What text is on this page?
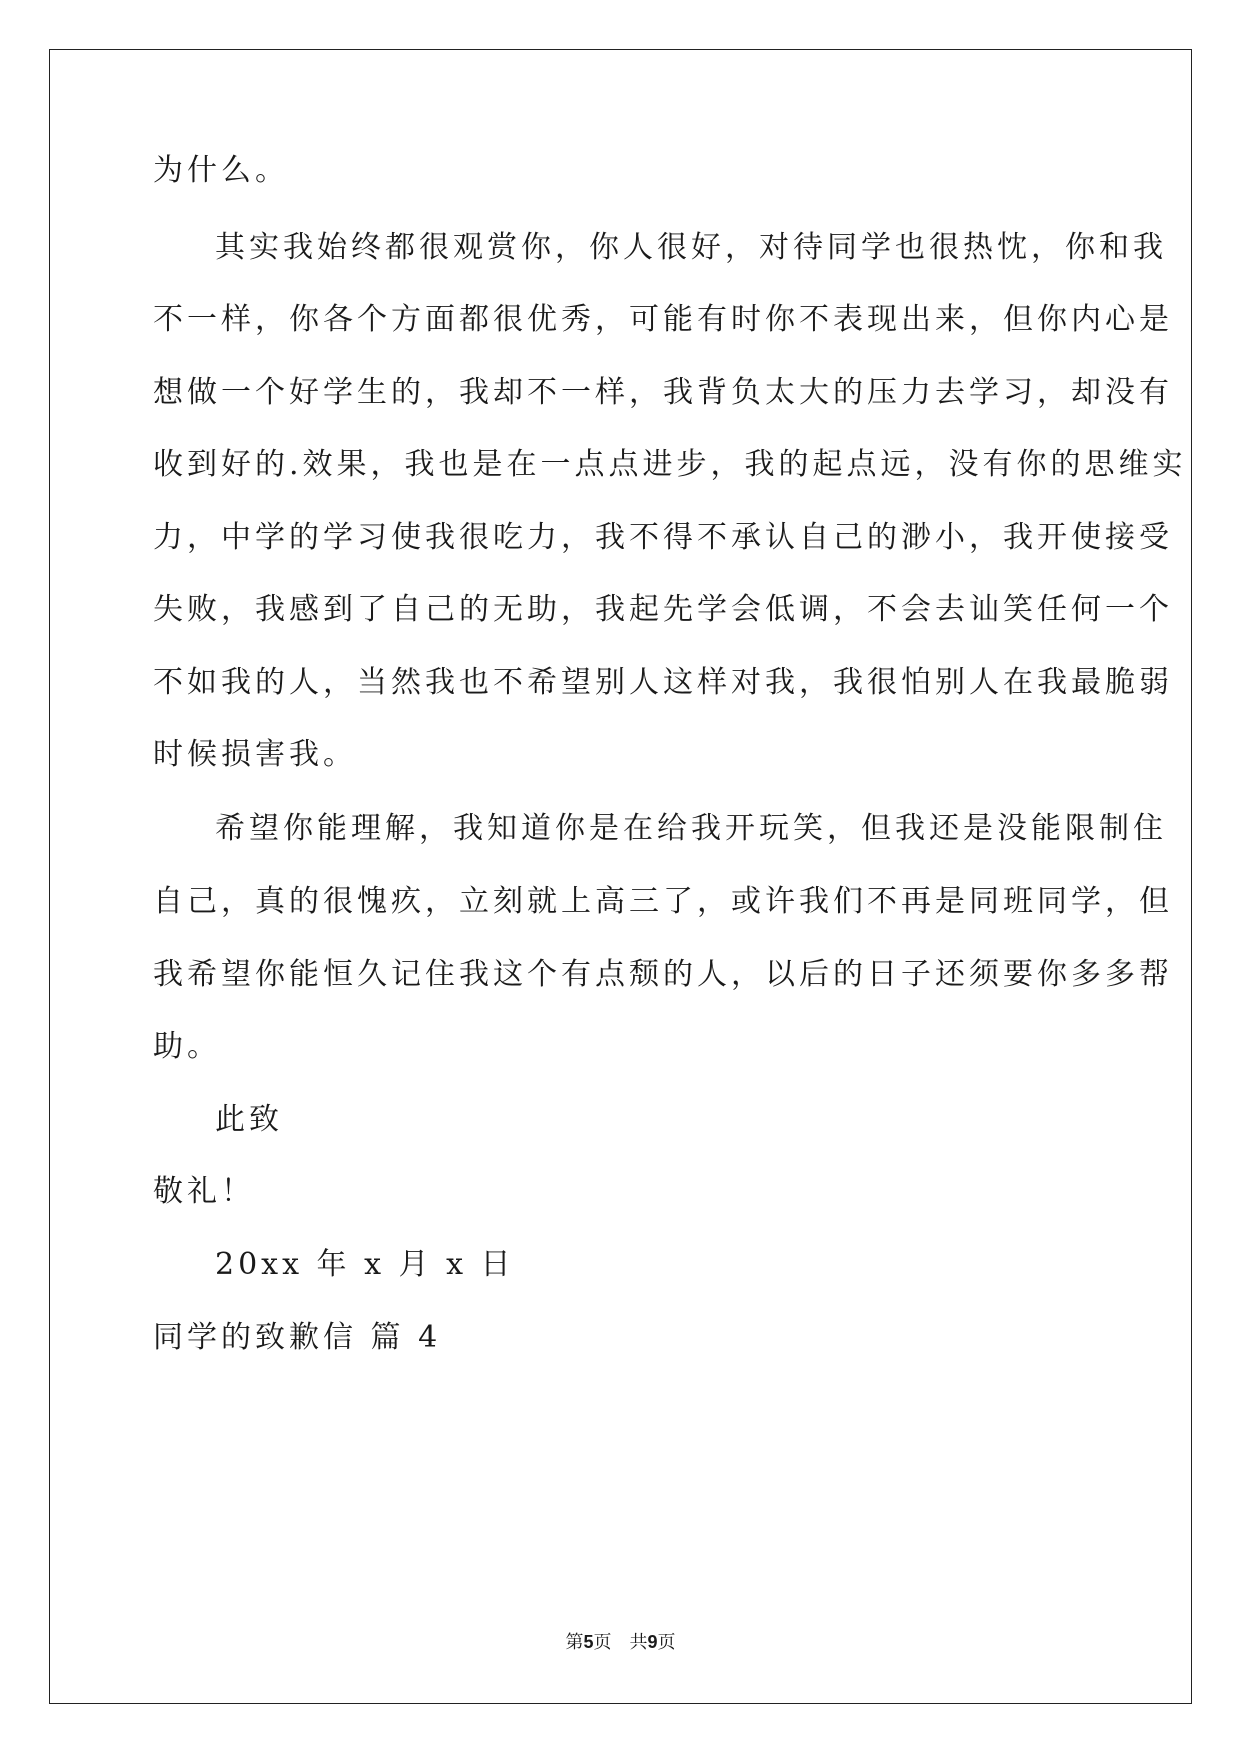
为什么。
其实我始终都很观赏你，你人很好，对待同学也很热忱，你和我
不一样，你各个方面都很优秀，可能有时你不表现出来，但你内心是
想做一个好学生的，我却不一样，我背负太大的压力去学习，却没有
收到好的.效果，我也是在一点点进步，我的起点远，没有你的思维实
力，中学的学习使我很吃力，我不得不承认自己的渺小，我开使接受
失败，我感到了自己的无助，我起先学会低调，不会去讪笑任何一个
不如我的人，当然我也不希望别人这样对我，我很怕别人在我最脆弱
时候损害我。
希望你能理解，我知道你是在给我开玩笑，但我还是没能限制住
自己，真的很愧疚，立刻就上高三了，或许我们不再是同班同学，但
我希望你能恒久记住我这个有点颓的人，以后的日子还须要你多多帮
助。
此致
敬礼！
20xx 年 x 月 x 日
同学的致歉信 篇 4
第5页　共9页
